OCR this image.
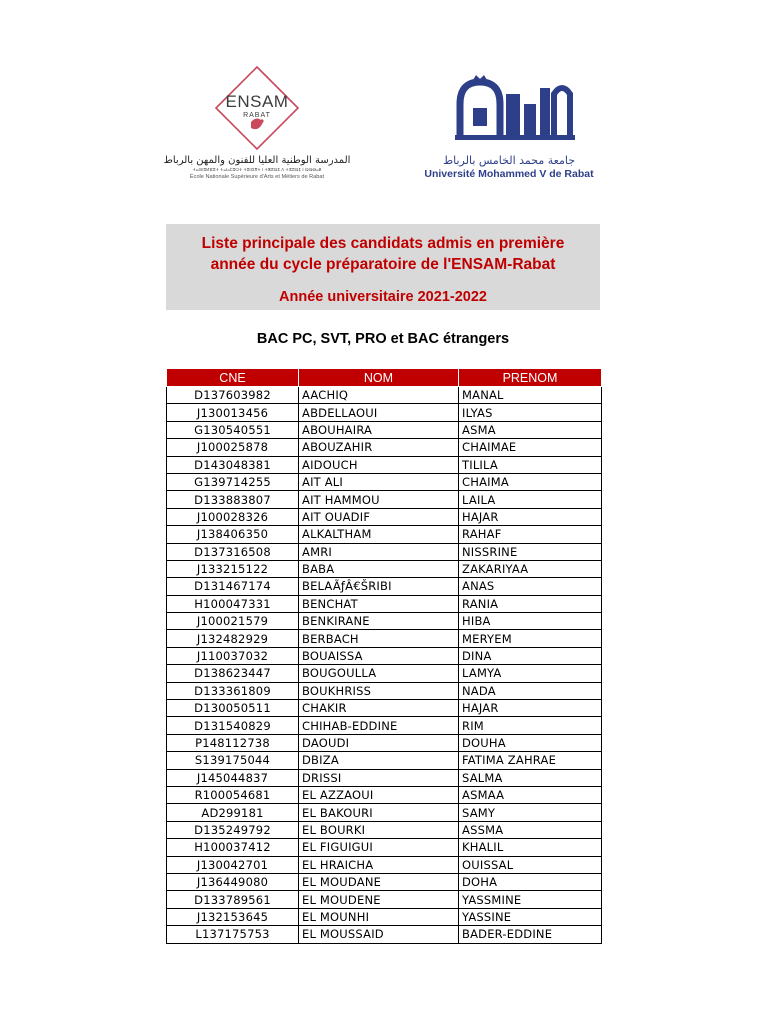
ENSAM
RABAT
المدرسة الوطنية العليا للفنون والمهن بالرباط
ⵜⴰⵙⵏⵓⵍⴼⵓⵜ ⵜⴰⵏⴰⵎⵓⵔⵜ ⵜⵓⵏⵏⵉⴳⵜ ⵏ ⵜⵥⵓⵕⵉ ⴷ ⵜⵣⵓⵕⵉ ⵏ ⵕⵕⴱⴰⵟ
École Nationale Supérieure d'Arts et Métiers de Rabat
جامعة محمد الخامس بالرباط
Université Mohammed V de Rabat
Liste principale des candidats admis en première
année du cycle préparatoire de l'ENSAM-Rabat
Année universitaire 2021-2022
BAC PC, SVT, PRO et BAC étrangers
CNE	NOM	PRENOM
D137603982	AACHIQ	MANAL
J130013456	ABDELLAOUI	ILYAS
G130540551	ABOUHAIRA	ASMA
J100025878	ABOUZAHIR	CHAIMAE
D143048381	AIDOUCH	TILILA
G139714255	AIT ALI	CHAIMA
D133883807	AIT HAMMOU	LAILA
J100028326	AIT OUADIF	HAJAR
J138406350	ALKALTHAM	RAHAF
D137316508	AMRI	NISSRINE
J133215122	BABA	ZAKARIYAA
D131467174	BELAÃƒÂ€ŠRIBI	ANAS
H100047331	BENCHAT	RANIA
J100021579	BENKIRANE	HIBA
J132482929	BERBACH	MERYEM
J110037032	BOUAISSA	DINA
D138623447	BOUGOULLA	LAMYA
D133361809	BOUKHRISS	NADA
D130050511	CHAKIR	HAJAR
D131540829	CHIHAB-EDDINE	RIM
P148112738	DAOUDI	DOUHA
S139175044	DBIZA	FATIMA ZAHRAE
J145044837	DRISSI	SALMA
R100054681	EL AZZAOUI	ASMAA
AD299181	EL BAKOURI	SAMY
D135249792	EL BOURKI	ASSMA
H100037412	EL FIGUIGUI	KHALIL
J130042701	EL HRAICHA	OUISSAL
J136449080	EL MOUDANE	DOHA
D133789561	EL MOUDENE	YASSMINE
J132153645	EL MOUNHI	YASSINE
L137175753	EL MOUSSAID	BADER-EDDINE
